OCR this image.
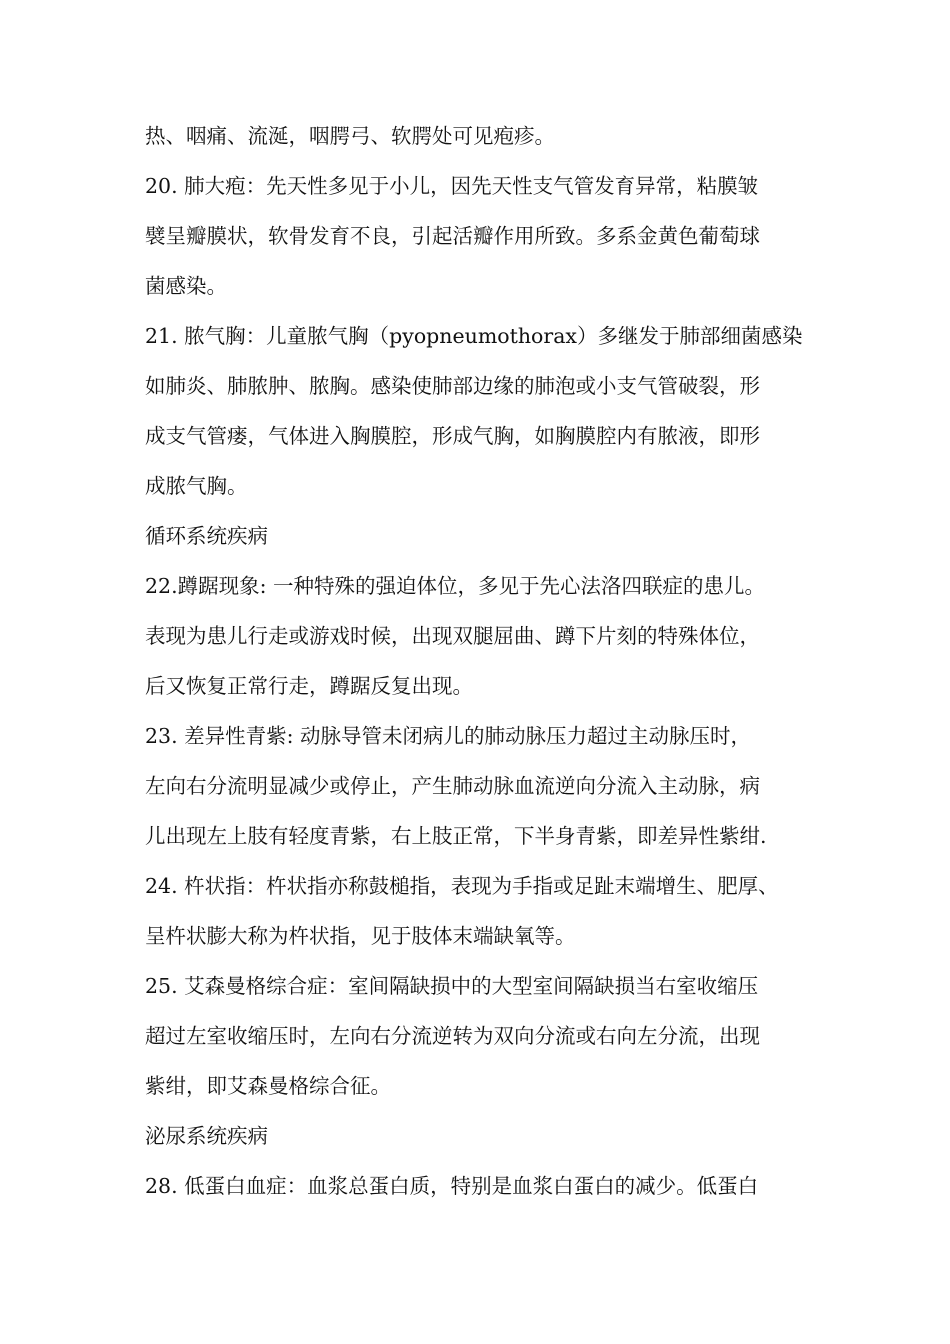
热、咽痛、流涎，咽腭弓、软腭处可见疱疹。
20. 肺大疱：先天性多见于小儿，因先天性支气管发育异常，粘膜皱
襞呈瓣膜状，软骨发育不良，引起活瓣作用所致。多系金黄色葡萄球
菌感染。
21. 脓气胸：儿童脓气胸（pyopneumothorax）多继发于肺部细菌感染
如肺炎、肺脓肿、脓胸。感染使肺部边缘的肺泡或小支气管破裂，形
成支气管瘘，气体进入胸膜腔，形成气胸，如胸膜腔内有脓液，即形
成脓气胸。
循环系统疾病
22.蹲踞现象: 一种特殊的强迫体位，多见于先心法洛四联症的患儿。
表现为患儿行走或游戏时候，出现双腿屈曲、蹲下片刻的特殊体位，
后又恢复正常行走，蹲踞反复出现。
23. 差异性青紫: 动脉导管未闭病儿的肺动脉压力超过主动脉压时，
左向右分流明显减少或停止，产生肺动脉血流逆向分流入主动脉，病
儿出现左上肢有轻度青紫，右上肢正常，下半身青紫，即差异性紫绀.
24. 杵状指：杵状指亦称鼓槌指，表现为手指或足趾末端增生、肥厚、
呈杵状膨大称为杵状指，见于肢体末端缺氧等。
25. 艾森曼格综合症：室间隔缺损中的大型室间隔缺损当右室收缩压
超过左室收缩压时，左向右分流逆转为双向分流或右向左分流，出现
紫绀，即艾森曼格综合征。
泌尿系统疾病
28. 低蛋白血症：血浆总蛋白质，特别是血浆白蛋白的减少。低蛋白
